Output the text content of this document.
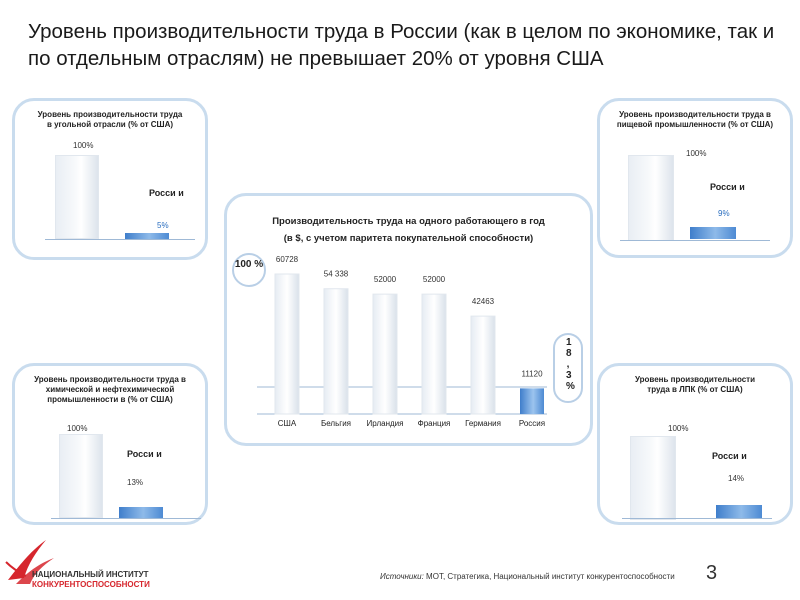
Уровень производительности труда в России (как в целом по экономике, так и по отдельным отраслям) не превышает 20% от уровня США
Уровень производительности труда в угольной отрасли (% от США)
100%
Росси и
5%
Уровень производительности труда в пищевой промышленности (% от США)
100%
Росси и
9%
Уровень производительности труда в химической и нефтехимической промышленности в (% от США)
100%
Росси и
13%
Уровень производительности труда в ЛПК (% от США)
100%
Росси и
14%
Производительность труда на одного работающего в год
(в $, с учетом паритета покупательной способности)
60728
США
54 338
Бельгия
52000
Ирландия
52000
Франция
42463
Германия
11120
Россия
100 %
1 8 , 3 %
НАЦИОНАЛЬНЫЙ ИНСТИТУТ
КОНКУРЕНТОСПОСОБНОСТИ
Источники: МОТ, Стратегика, Национальный институт конкурентоспособности 3
